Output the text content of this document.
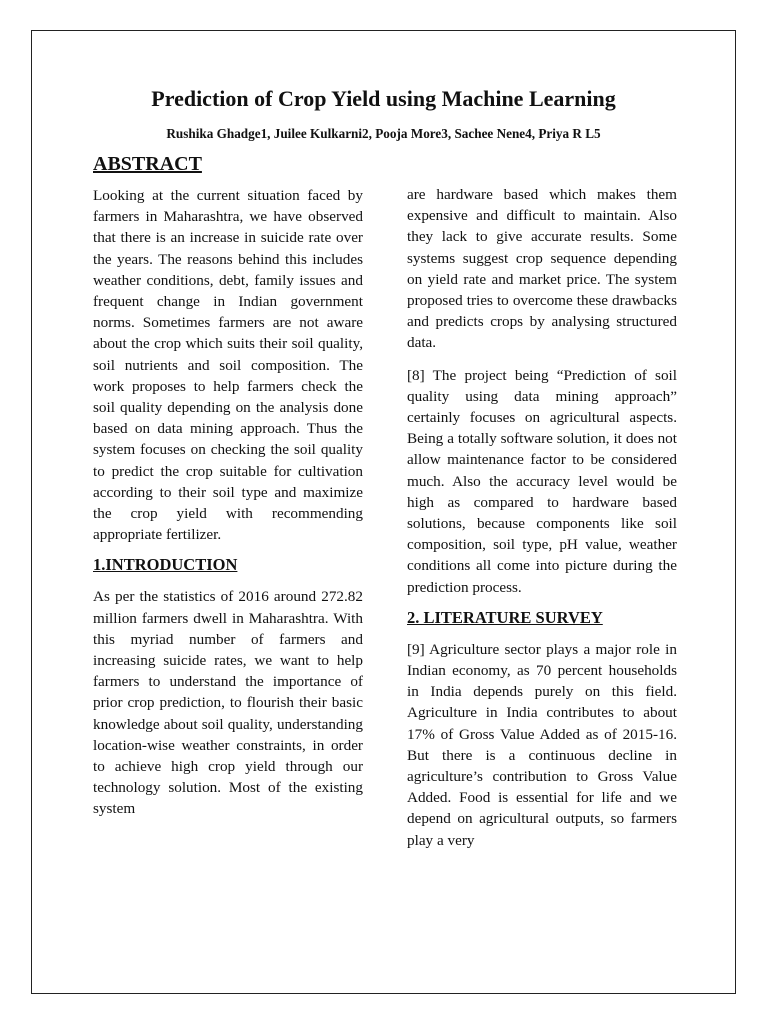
Prediction of Crop Yield using Machine Learning
Rushika Ghadge1, Juilee Kulkarni2, Pooja More3, Sachee Nene4, Priya R L5
ABSTRACT

Looking at the current situation faced by farmers in Maharashtra, we have observed that there is an increase in suicide rate over the years. The reasons behind this includes weather conditions, debt, family issues and frequent change in Indian government norms. Sometimes farmers are not aware about the crop which suits their soil quality, soil nutrients and soil composition. The work proposes to help farmers check the soil quality depending on the analysis done based on data mining approach. Thus the system focuses on checking the soil quality to predict the crop suitable for cultivation according to their soil type and maximize the crop yield with recommending appropriate fertilizer.

1.INTRODUCTION

As per the statistics of 2016 around 272.82 million farmers dwell in Maharashtra. With this myriad number of farmers and increasing suicide rates, we want to help farmers to understand the importance of prior crop prediction, to flourish their basic knowledge about soil quality, understanding location-wise weather constraints, in order to achieve high crop yield through our technology solution. Most of the existing system

are hardware based which makes them expensive and difficult to maintain. Also they lack to give accurate results. Some systems suggest crop sequence depending on yield rate and market price. The system proposed tries to overcome these drawbacks and predicts crops by analysing structured data.

[8] The project being “Prediction of soil quality using data mining approach” certainly focuses on agricultural aspects. Being a totally software solution, it does not allow maintenance factor to be considered much. Also the accuracy level would be high as compared to hardware based solutions, because components like soil composition, soil type, pH value, weather conditions all come into picture during the prediction process.

2. LITERATURE SURVEY

[9] Agriculture sector plays a major role in Indian economy, as 70 percent households in India depends purely on this field. Agriculture in India contributes to about 17% of Gross Value Added as of 2015-16. But there is a continuous decline in agriculture’s contribution to Gross Value Added. Food is essential for life and we depend on agricultural outputs, so farmers play a very
